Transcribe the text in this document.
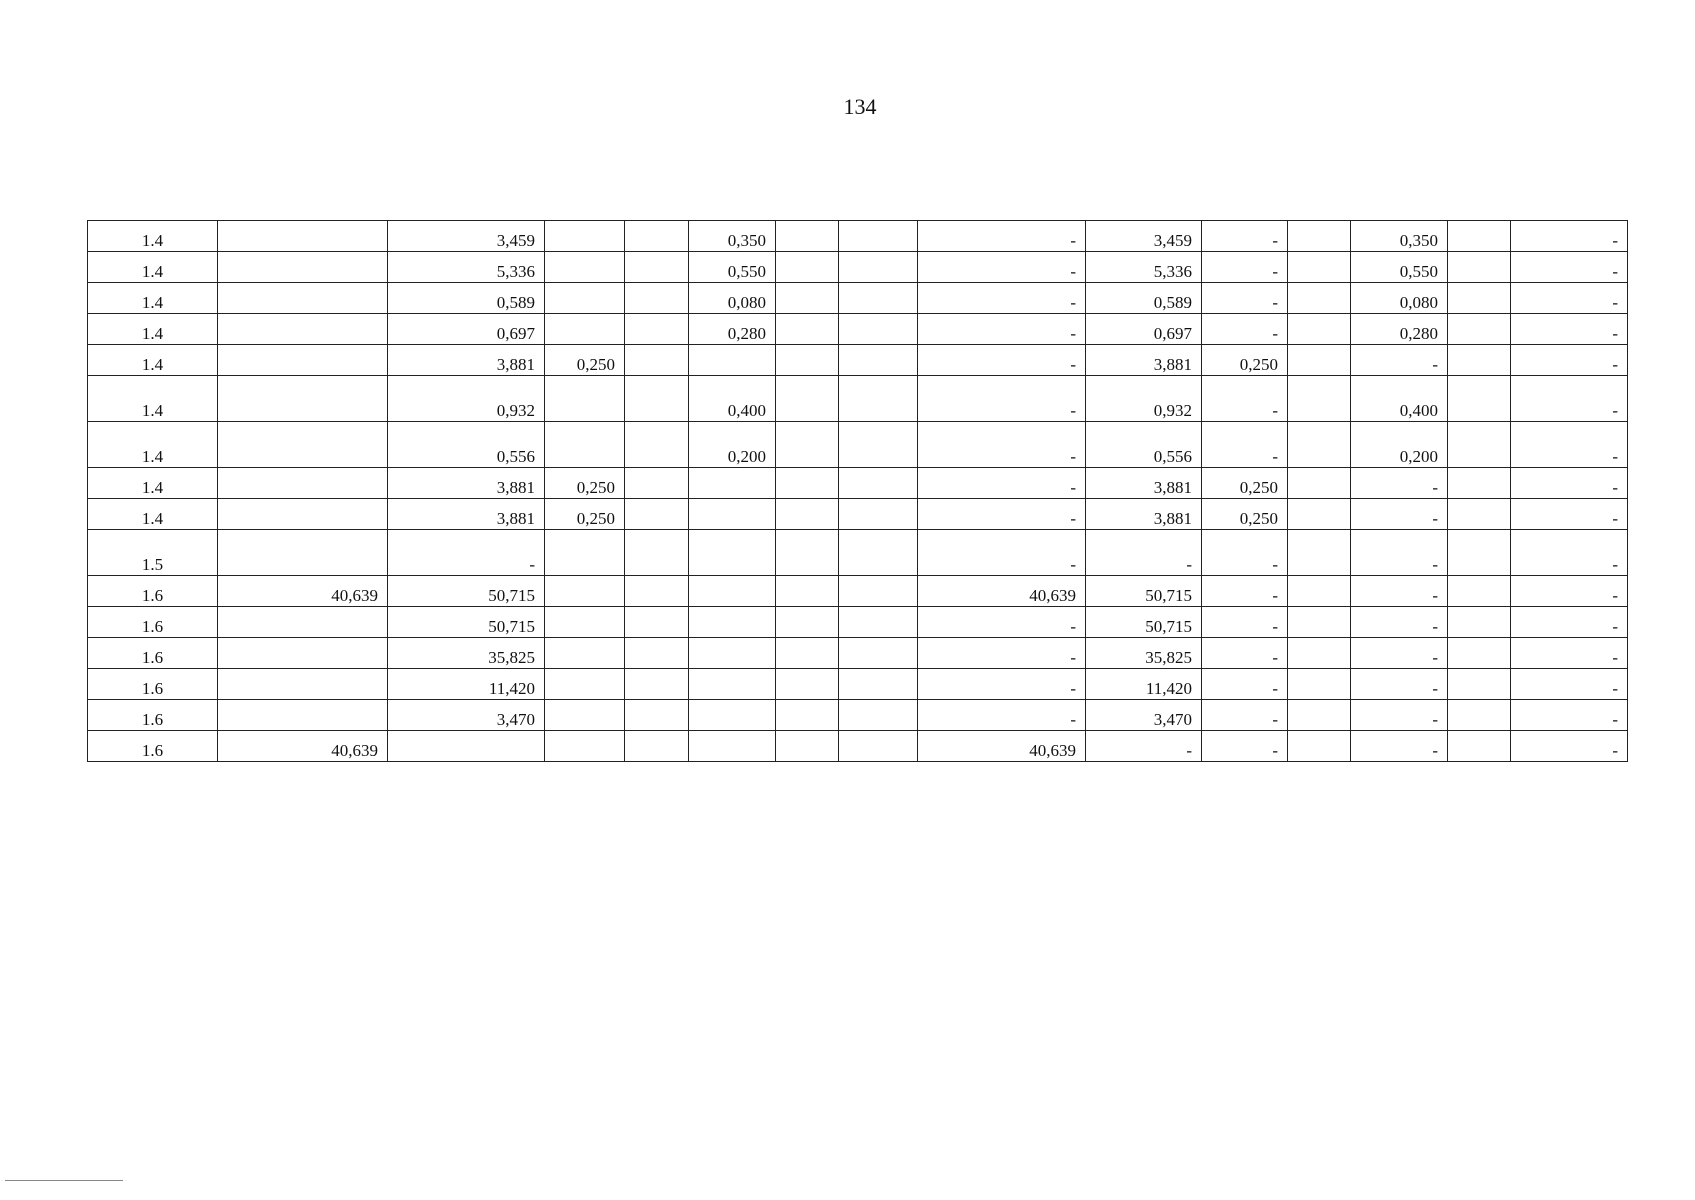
134
1.4		3,459			0,350			-	3,459	-		0,350		-
1.4		5,336			0,550			-	5,336	-		0,550		-
1.4		0,589			0,080			-	0,589	-		0,080		-
1.4		0,697			0,280			-	0,697	-		0,280		-
1.4		3,881	0,250					-	3,881	0,250		-		-
1.4		0,932			0,400			-	0,932	-		0,400		-
1.4		0,556			0,200			-	0,556	-		0,200		-
1.4		3,881	0,250					-	3,881	0,250		-		-
1.4		3,881	0,250					-	3,881	0,250		-		-
1.5		-						-	-	-		-		-
1.6	40,639	50,715						40,639	50,715	-		-		-
1.6		50,715						-	50,715	-		-		-
1.6		35,825						-	35,825	-		-		-
1.6		11,420						-	11,420	-		-		-
1.6		3,470						-	3,470	-		-		-
1.6	40,639							40,639	-	-		-		-
